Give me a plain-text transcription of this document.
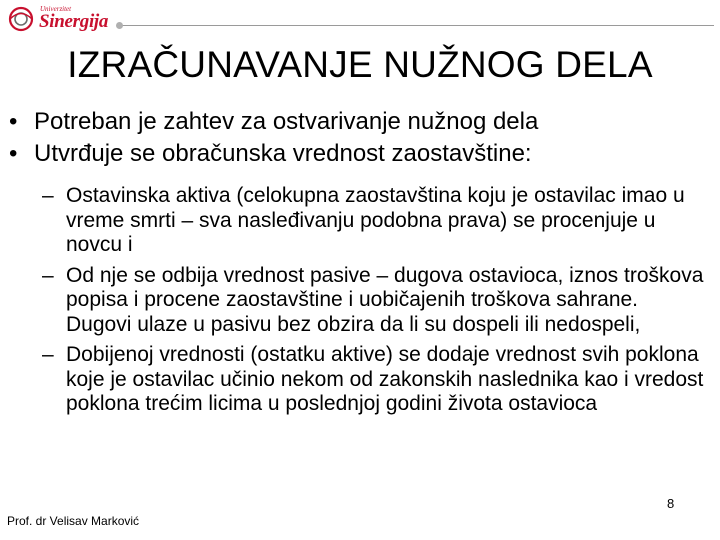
Univerzitet
Sinergija
IZRAČUNAVANJE NUŽNOG DELA
• Potreban je zahtev za ostvarivanje nužnog dela
• Utvrđuje se obračunska vrednost zaostavštine:
– Ostavinska aktiva (celokupna zaostavština koju je ostavilac imao u vreme smrti – sva nasleđivanju podobna prava) se procenjuje u novcu i
– Od nje se odbija vrednost pasive – dugova ostavioca, iznos troškova popisa i procene zaostavštine i uobičajenih troškova sahrane. Dugovi ulaze u pasivu bez obzira da li su dospeli ili nedospeli,
– Dobijenoj vrednosti (ostatku aktive) se dodaje vrednost svih poklona koje je ostavilac učinio nekom od zakonskih naslednika kao i vredost poklona trećim licima u poslednjoj godini života ostavioca
8
Prof. dr Velisav Marković
